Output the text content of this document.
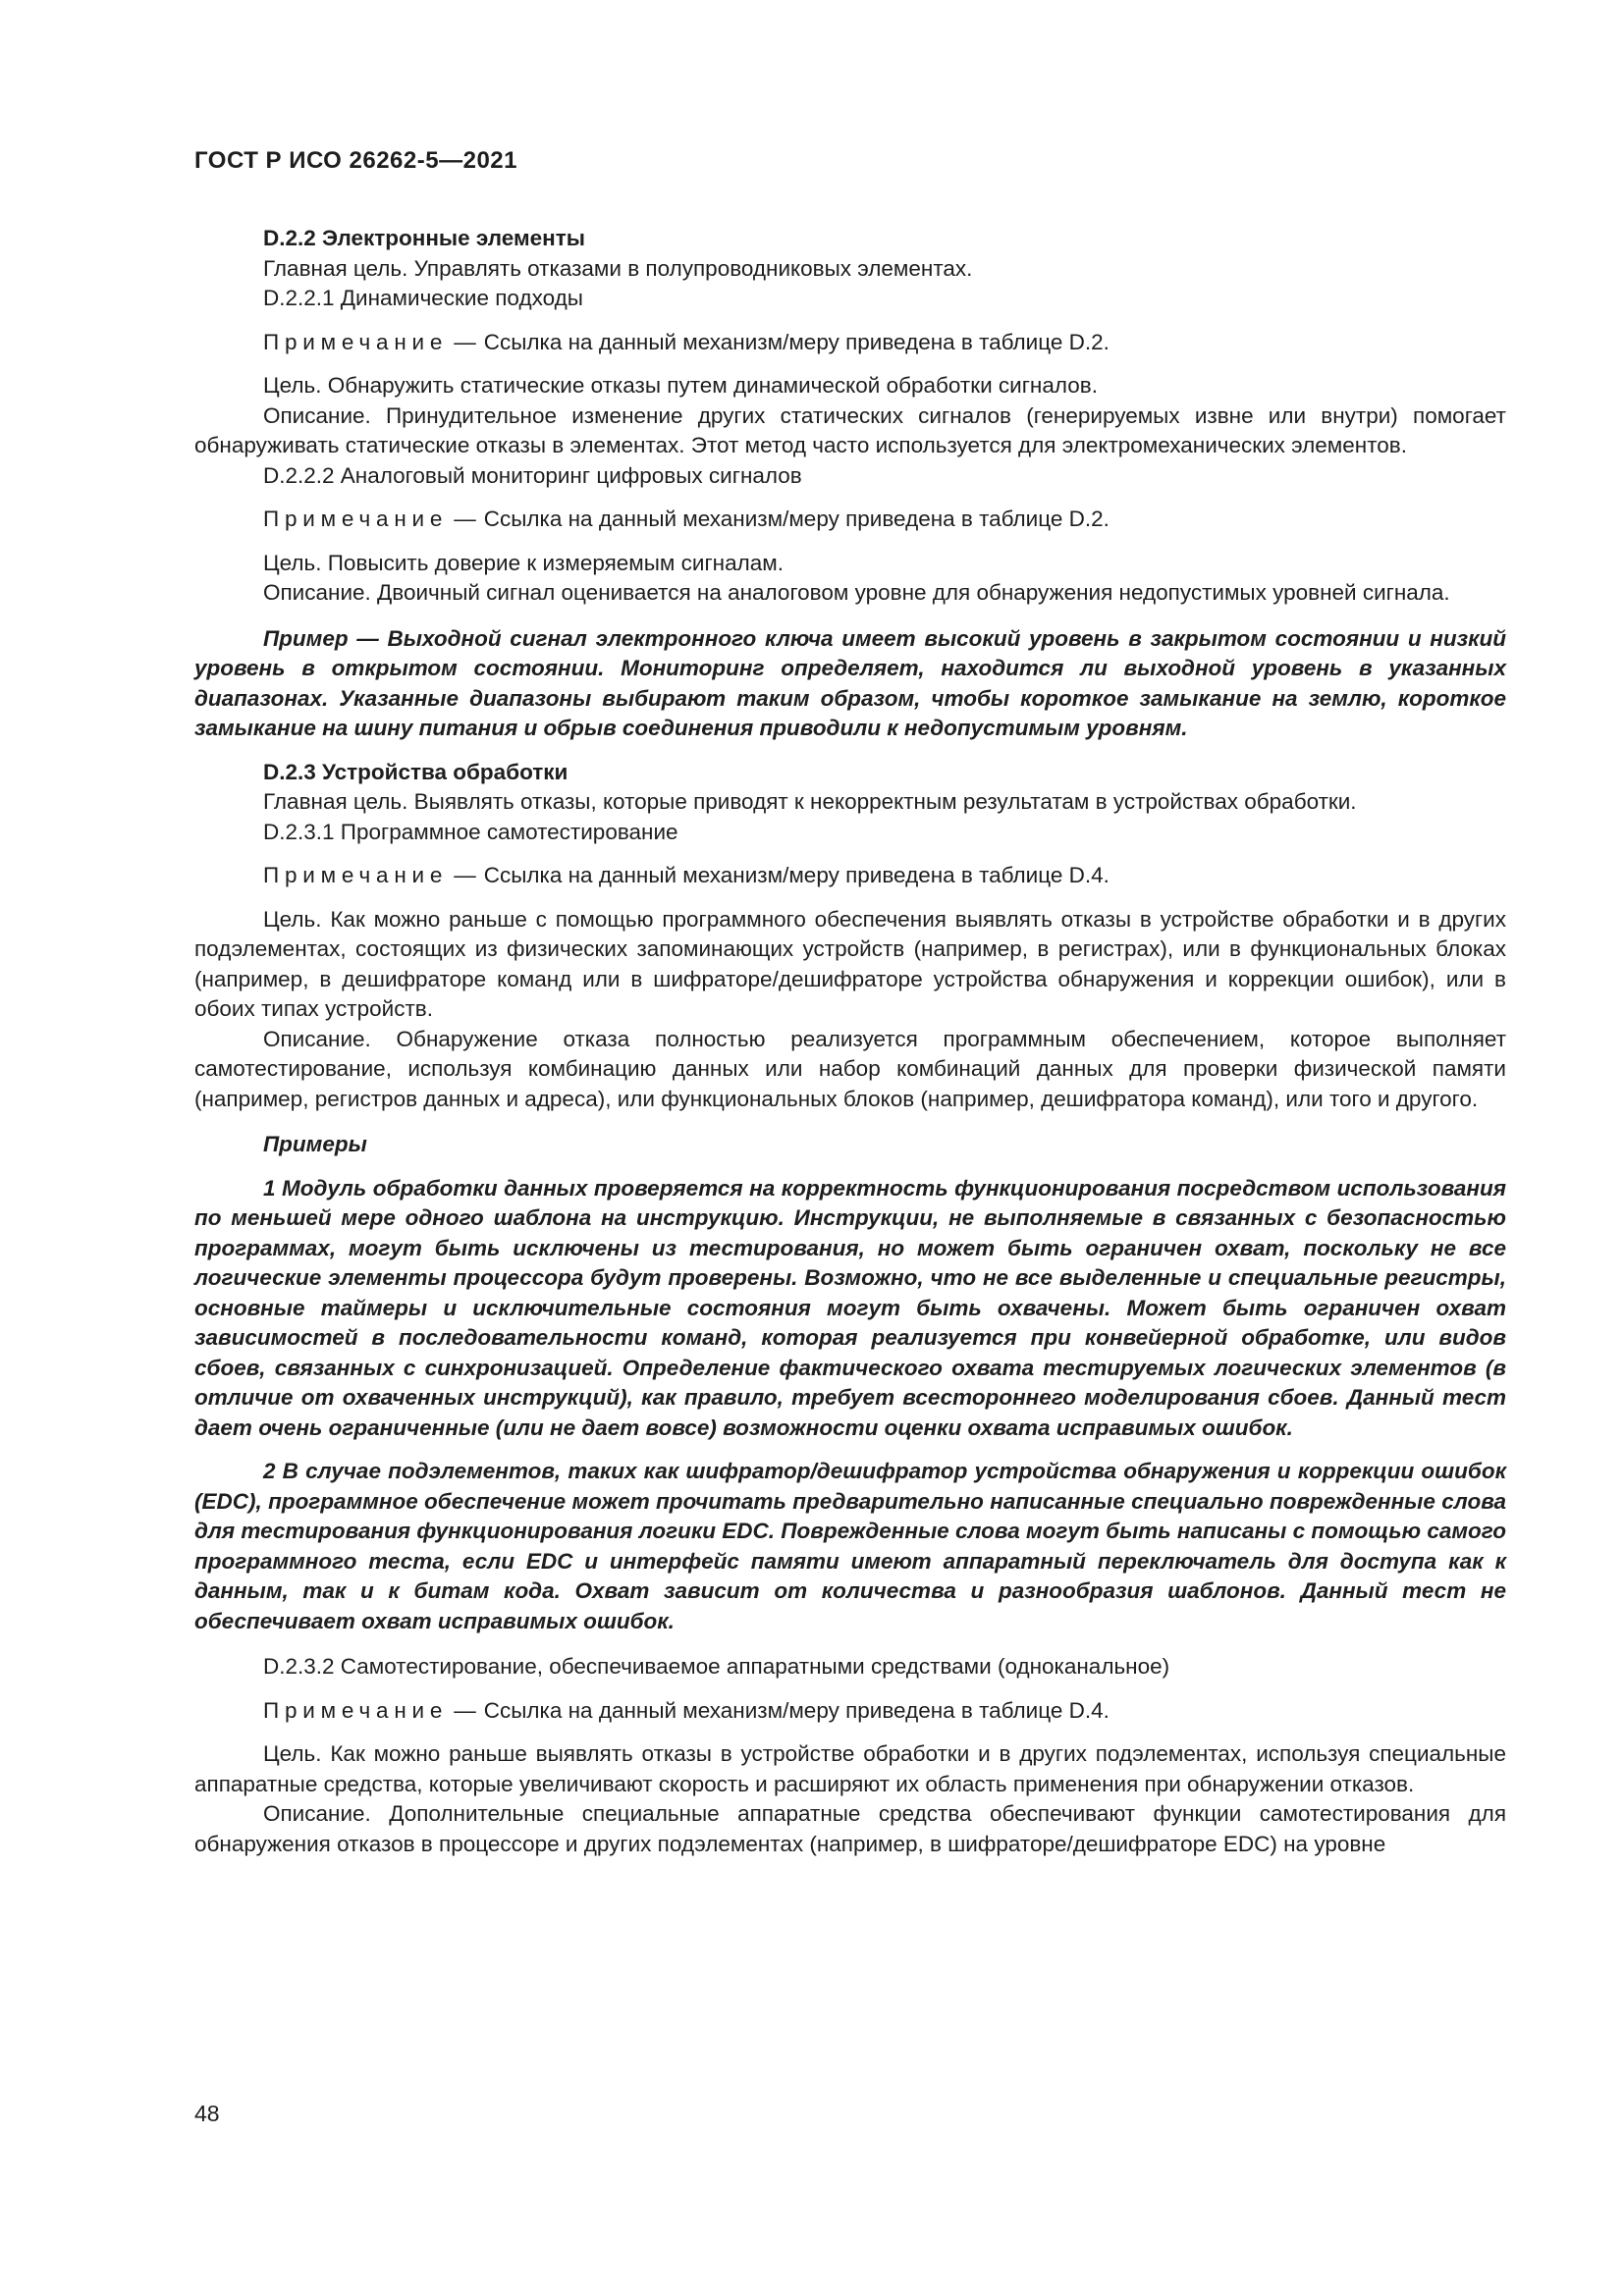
ГОСТ Р ИСО 26262-5—2021

D.2.2 Электронные элементы

Главная цель. Управлять отказами в полупроводниковых элементах.

D.2.2.1 Динамические подходы

Примечание — Ссылка на данный механизм/меру приведена в таблице D.2.

Цель. Обнаружить статические отказы путем динамической обработки сигналов.

Описание. Принудительное изменение других статических сигналов (генерируемых извне или внутри) помогает обнаруживать статические отказы в элементах. Этот метод часто используется для электромеханических элементов.

D.2.2.2 Аналоговый мониторинг цифровых сигналов

Примечание — Ссылка на данный механизм/меру приведена в таблице D.2.

Цель. Повысить доверие к измеряемым сигналам.

Описание. Двоичный сигнал оценивается на аналоговом уровне для обнаружения недопустимых уровней сигнала.

Пример — Выходной сигнал электронного ключа имеет высокий уровень в закрытом состоянии и низкий уровень в открытом состоянии. Мониторинг определяет, находится ли выходной уровень в указанных диапазонах. Указанные диапазоны выбирают таким образом, чтобы короткое замыкание на землю, короткое замыкание на шину питания и обрыв соединения приводили к недопустимым уровням.

D.2.3 Устройства обработки

Главная цель. Выявлять отказы, которые приводят к некорректным результатам в устройствах обработки.

D.2.3.1 Программное самотестирование

Примечание — Ссылка на данный механизм/меру приведена в таблице D.4.

Цель. Как можно раньше с помощью программного обеспечения выявлять отказы в устройстве обработки и в других подэлементах, состоящих из физических запоминающих устройств (например, в регистрах), или в функциональных блоках (например, в дешифраторе команд или в шифраторе/дешифраторе устройства обнаружения и коррекции ошибок), или в обоих типах устройств.

Описание. Обнаружение отказа полностью реализуется программным обеспечением, которое выполняет самотестирование, используя комбинацию данных или набор комбинаций данных для проверки физической памяти (например, регистров данных и адреса), или функциональных блоков (например, дешифратора команд), или того и другого.

Примеры

1 Модуль обработки данных проверяется на корректность функционирования посредством использования по меньшей мере одного шаблона на инструкцию. Инструкции, не выполняемые в связанных с безопасностью программах, могут быть исключены из тестирования, но может быть ограничен охват, поскольку не все логические элементы процессора будут проверены. Возможно, что не все выделенные и специальные регистры, основные таймеры и исключительные состояния могут быть охвачены. Может быть ограничен охват зависимостей в последовательности команд, которая реализуется при конвейерной обработке, или видов сбоев, связанных с синхронизацией. Определение фактического охвата тестируемых логических элементов (в отличие от охваченных инструкций), как правило, требует всестороннего моделирования сбоев. Данный тест дает очень ограниченные (или не дает вовсе) возможности оценки охвата исправимых ошибок.

2 В случае подэлементов, таких как шифратор/дешифратор устройства обнаружения и коррекции ошибок (EDC), программное обеспечение может прочитать предварительно написанные специально поврежденные слова для тестирования функционирования логики EDC. Поврежденные слова могут быть написаны с помощью самого программного теста, если EDC и интерфейс памяти имеют аппаратный переключатель для доступа как к данным, так и к битам кода. Охват зависит от количества и разнообразия шаблонов. Данный тест не обеспечивает охват исправимых ошибок.

D.2.3.2 Самотестирование, обеспечиваемое аппаратными средствами (одноканальное)

Примечание — Ссылка на данный механизм/меру приведена в таблице D.4.

Цель. Как можно раньше выявлять отказы в устройстве обработки и в других подэлементах, используя специальные аппаратные средства, которые увеличивают скорость и расширяют их область применения при обнаружении отказов.

Описание. Дополнительные специальные аппаратные средства обеспечивают функции самотестирования для обнаружения отказов в процессоре и других подэлементах (например, в шифраторе/дешифраторе EDC) на уровне

48
